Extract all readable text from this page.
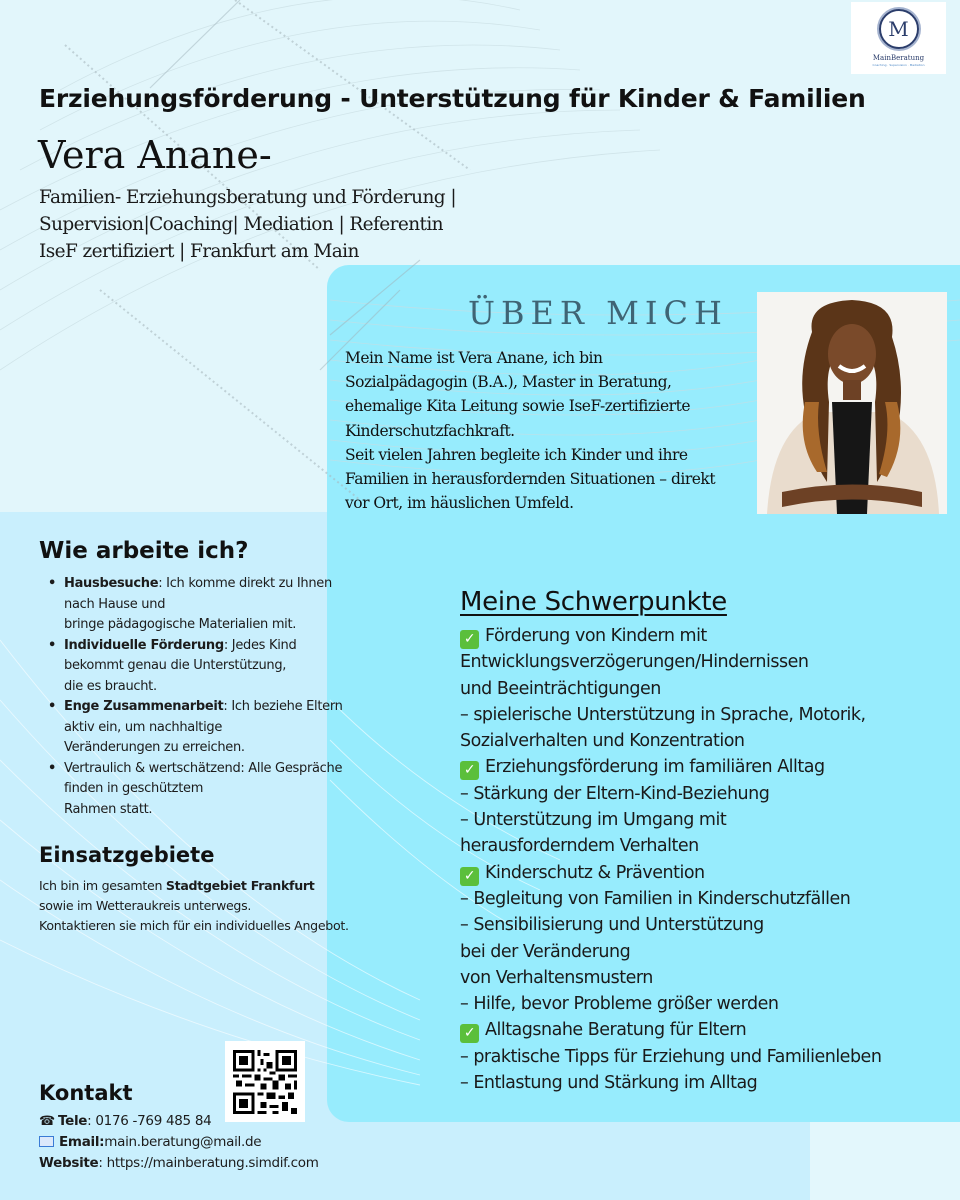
M
MainBeratung
Coaching · Supervision · Mediation
Erziehungsförderung - Unterstützung für Kinder & Familien
Vera Anane-
Familien- Erziehungsberatung und Förderung |
Supervision|Coaching| Mediation | Referentin
IseF zertifiziert | Frankfurt am Main
ÜBER MICH
Mein Name ist Vera Anane, ich bin
Sozialpädagogin (B.A.), Master in Beratung,
ehemalige Kita Leitung sowie IseF-zertifizierte
Kinderschutzfachkraft.
Seit vielen Jahren begleite ich Kinder und ihre
Familien in herausfordernden Situationen – direkt
vor Ort, im häuslichen Umfeld.
Wie arbeite ich?
• Hausbesuche: Ich komme direkt zu Ihnen
nach Hause und
bringe pädagogische Materialien mit.
• Individuelle Förderung: Jedes Kind
bekommt genau die Unterstützung,
die es braucht.
• Enge Zusammenarbeit: Ich beziehe Eltern
aktiv ein, um nachhaltige
Veränderungen zu erreichen.
• Vertraulich & wertschätzend: Alle Gespräche
finden in geschütztem
Rahmen statt.
Einsatzgebiete
Ich bin im gesamten Stadtgebiet Frankfurt
sowie im Wetteraukreis unterwegs.
Kontaktieren sie mich für ein individuelles Angebot.
Meine Schwerpunkte
✓ Förderung von Kindern mit
Entwicklungsverzögerungen/Hindernissen
und Beeinträchtigungen
– spielerische Unterstützung in Sprache, Motorik,
Sozialverhalten und Konzentration
✓ Erziehungsförderung im familiären Alltag
– Stärkung der Eltern-Kind-Beziehung
– Unterstützung im Umgang mit
herausforderndem Verhalten
✓ Kinderschutz & Prävention
– Begleitung von Familien in Kinderschutzfällen
– Sensibilisierung und Unterstützung
bei der Veränderung
von Verhaltensmustern
– Hilfe, bevor Probleme größer werden
✓ Alltagsnahe Beratung für Eltern
– praktische Tipps für Erziehung und Familienleben
– Entlastung und Stärkung im Alltag
Kontakt
☎ Tele: 0176 -769 485 84
Email:main.beratung@mail.de
Website: https://mainberatung.simdif.com
